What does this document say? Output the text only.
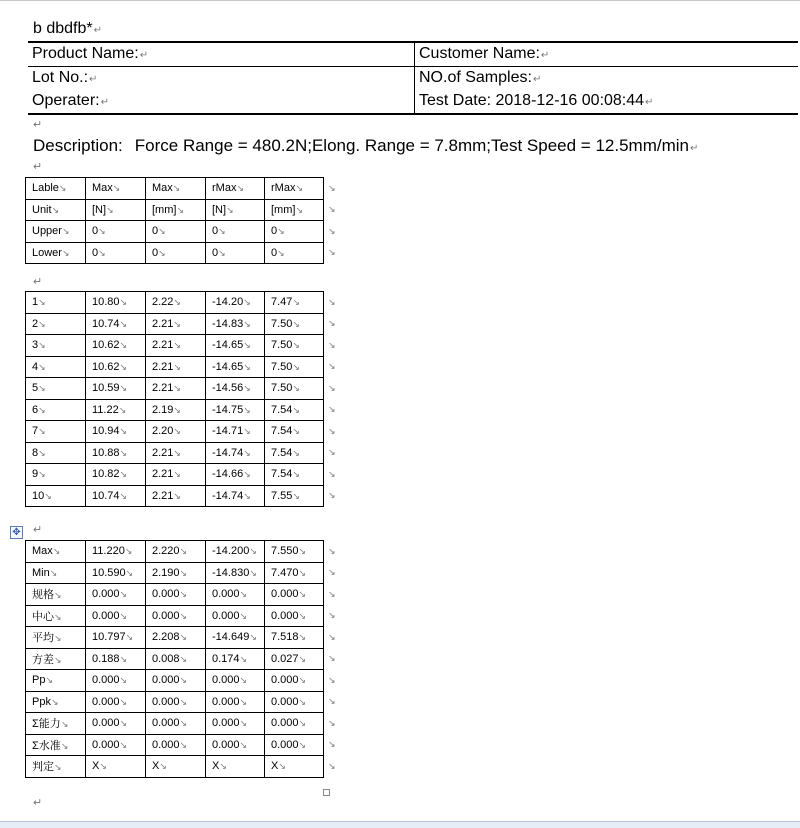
b dbdfb*↵
Product Name:↵	Customer Name:↵
Lot No.:↵	NO.of Samples:↵
Operater:↵	Test Date: 2018-12-16 00:08:44↵
↵
Description: Force Range = 480.2N;Elong. Range = 7.8mm;Test Speed = 12.5mm/min↵
↵
Lable↘	Max↘	Max↘	rMax↘	rMax↘	↘
Unit↘	[N]↘	[mm]↘	[N]↘	[mm]↘	↘
Upper↘	0↘	0↘	0↘	0↘	↘
Lower↘	0↘	0↘	0↘	0↘	↘
↵
1↘	10.80↘	2.22↘	-14.20↘	7.47↘	↘
2↘	10.74↘	2.21↘	-14.83↘	7.50↘	↘
3↘	10.62↘	2.21↘	-14.65↘	7.50↘	↘
4↘	10.62↘	2.21↘	-14.65↘	7.50↘	↘
5↘	10.59↘	2.21↘	-14.56↘	7.50↘	↘
6↘	11.22↘	2.19↘	-14.75↘	7.54↘	↘
7↘	10.94↘	2.20↘	-14.71↘	7.54↘	↘
8↘	10.88↘	2.21↘	-14.74↘	7.54↘	↘
9↘	10.82↘	2.21↘	-14.66↘	7.54↘	↘
10↘	10.74↘	2.21↘	-14.74↘	7.55↘	↘
✥ ↵
Max↘	11.220↘	2.220↘	-14.200↘	7.550↘	↘
Min↘	10.590↘	2.190↘	-14.830↘	7.470↘	↘
规格↘	0.000↘	0.000↘	0.000↘	0.000↘	↘
中心↘	0.000↘	0.000↘	0.000↘	0.000↘	↘
平均↘	10.797↘	2.208↘	-14.649↘	7.518↘	↘
方差↘	0.188↘	0.008↘	0.174↘	0.027↘	↘
Pp↘	0.000↘	0.000↘	0.000↘	0.000↘	↘
Ppk↘	0.000↘	0.000↘	0.000↘	0.000↘	↘
Σ能力↘	0.000↘	0.000↘	0.000↘	0.000↘	↘
Σ水准↘	0.000↘	0.000↘	0.000↘	0.000↘	↘
判定↘	X↘	X↘	X↘	X↘	↘
↵
